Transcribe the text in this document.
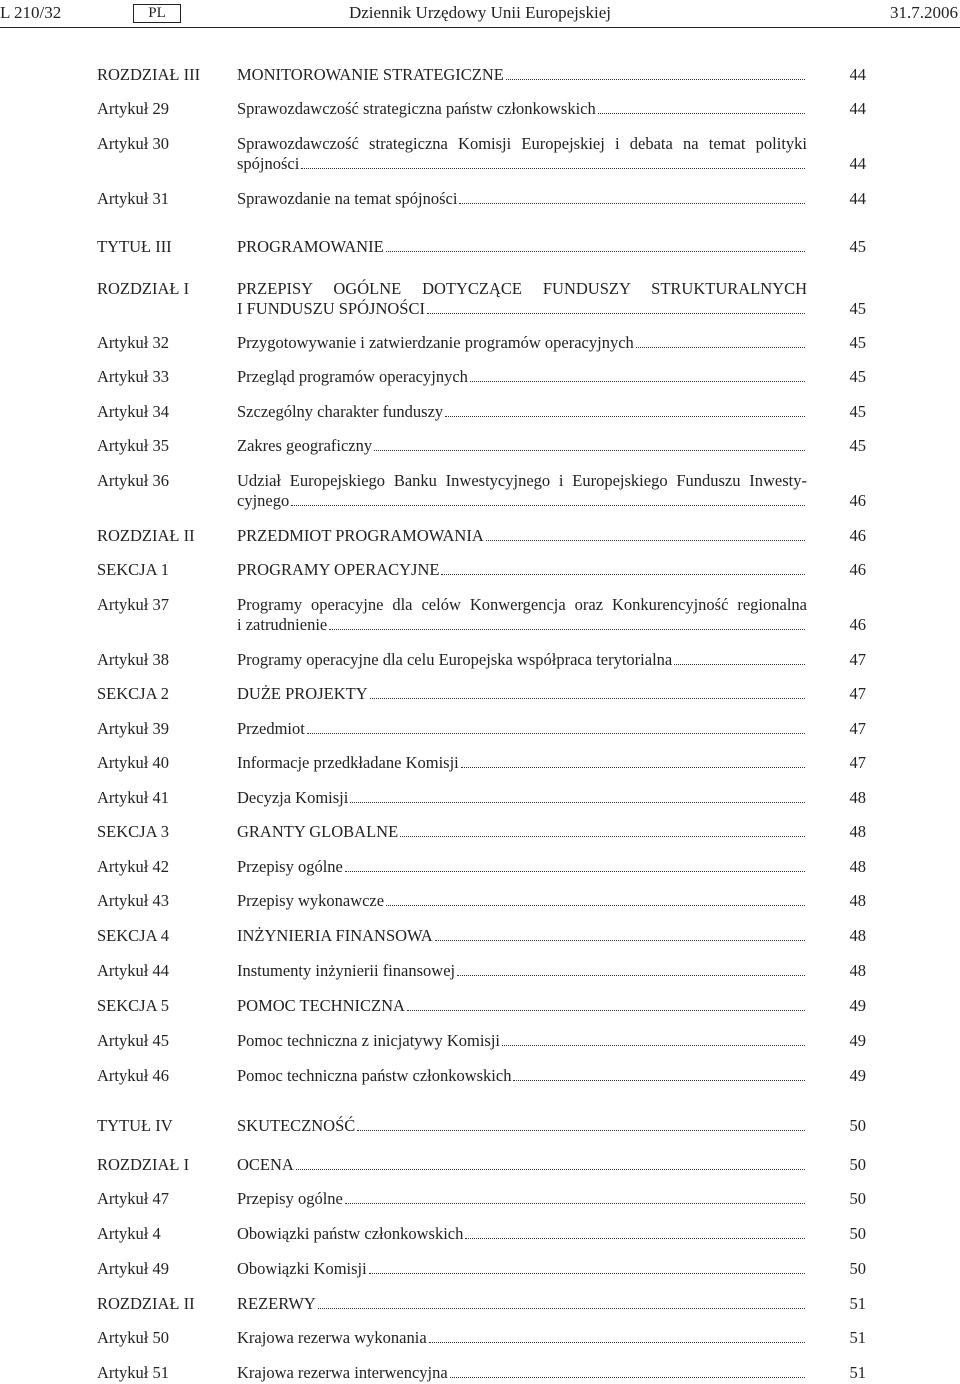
L 210/32	Dziennik Urzędowy Unii Europejskiej
PL	31.7.2006
ROZDZIAŁ III MONITOROWANIE STRATEGICZNE	44
Artykuł 29	Sprawozdawczość strategiczna państw członkowskich	44
Artykuł 30	Sprawozdawczość strategiczna Komisji Europejskiej i debata na temat polityki
spójności	44
Artykuł 31	Sprawozdanie na temat spójności	44
TYTUŁ III	PROGRAMOWANIE	45
ROZDZIAŁ I	PRZEPISY OGÓLNE DOTYCZĄCE FUNDUSZY STRUKTURALNYCH
I FUNDUSZU SPÓJNOŚCI	45
Artykuł 32	Przygotowywanie i zatwierdzanie programów operacyjnych	45
Artykuł 33	Przegląd programów operacyjnych	45
Artykuł 34	Szczególny charakter funduszy	45
Artykuł 35	Zakres geograficzny	45
Artykuł 36	Udział Europejskiego Banku Inwestycyjnego i Europejskiego Funduszu Inwesty-
cyjnego	46
ROZDZIAŁ II	PRZEDMIOT PROGRAMOWANIA	46
SEKCJA 1	PROGRAMY OPERACYJNE	46
Artykuł 37	Programy operacyjne dla celów Konwergencja oraz Konkurencyjność regionalna
i zatrudnienie	46
Artykuł 38	Programy operacyjne dla celu Europejska współpraca terytorialna	47
SEKCJA 2	DUŻE PROJEKTY	47
Artykuł 39	Przedmiot	47
Artykuł 40	Informacje przedkładane Komisji	47
Artykuł 41	Decyzja Komisji	48
SEKCJA 3	GRANTY GLOBALNE	48
Artykuł 42	Przepisy ogólne	48
Artykuł 43	Przepisy wykonawcze	48
SEKCJA 4	INŻYNIERIA FINANSOWA	48
Artykuł 44	Instumenty inżynierii finansowej	48
SEKCJA 5	POMOC TECHNICZNA	49
Artykuł 45	Pomoc techniczna z inicjatywy Komisji	49
Artykuł 46	Pomoc techniczna państw członkowskich	49
TYTUŁ IV	SKUTECZNOŚĆ	50
ROZDZIAŁ I	OCENA	50
Artykuł 47	Przepisy ogólne	50
Artykuł 4	Obowiązki państw członkowskich	50
Artykuł 49	Obowiązki Komisji	50
ROZDZIAŁ II	REZERWY	51
Artykuł 50	Krajowa rezerwa wykonania	51
Artykuł 51	Krajowa rezerwa interwencyjna	51
